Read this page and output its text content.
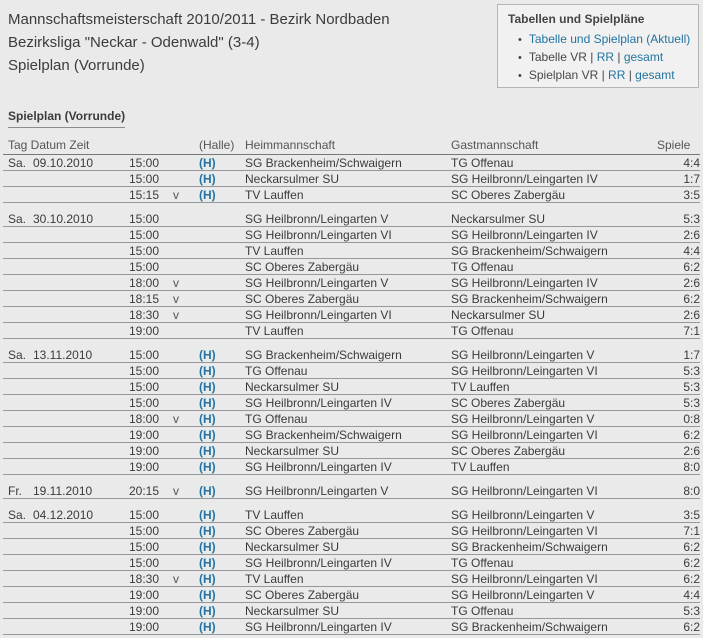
Mannschaftsmeisterschaft 2010/2011 - Bezirk Nordbaden
Bezirksliga "Neckar - Odenwald" (3-4)
Spielplan (Vorrunde)
Tabellen und Spielpläne
• Tabelle und Spielplan (Aktuell)
• Tabelle VR | RR | gesamt
• Spielplan VR | RR | gesamt
Spielplan (Vorrunde)
Tag Datum Zeit				(Halle)	Heimmannschaft	Gastmannschaft	Spiele
Sa.	09.10.2010	15:00		(H)	SG Brackenheim/Schwaigern	TG Offenau	4:4
		15:00		(H)	Neckarsulmer SU	SG Heilbronn/Leingarten IV	1:7
		15:15	v	(H)	TV Lauffen	SC Oberes Zabergäu	3:5

Sa.	30.10.2010	15:00			SG Heilbronn/Leingarten V	Neckarsulmer SU	5:3
		15:00			SG Heilbronn/Leingarten VI	SG Heilbronn/Leingarten IV	2:6
		15:00			TV Lauffen	SG Brackenheim/Schwaigern	4:4
		15:00			SC Oberes Zabergäu	TG Offenau	6:2
		18:00	v		SG Heilbronn/Leingarten V	SG Heilbronn/Leingarten IV	2:6
		18:15	v		SC Oberes Zabergäu	SG Brackenheim/Schwaigern	6:2
		18:30	v		SG Heilbronn/Leingarten VI	Neckarsulmer SU	2:6
		19:00			TV Lauffen	TG Offenau	7:1

Sa.	13.11.2010	15:00		(H)	SG Brackenheim/Schwaigern	SG Heilbronn/Leingarten V	1:7
		15:00		(H)	TG Offenau	SG Heilbronn/Leingarten VI	5:3
		15:00		(H)	Neckarsulmer SU	TV Lauffen	5:3
		15:00		(H)	SG Heilbronn/Leingarten IV	SC Oberes Zabergäu	5:3
		18:00	v	(H)	TG Offenau	SG Heilbronn/Leingarten V	0:8
		19:00		(H)	SG Brackenheim/Schwaigern	SG Heilbronn/Leingarten VI	6:2
		19:00		(H)	Neckarsulmer SU	SC Oberes Zabergäu	2:6
		19:00		(H)	SG Heilbronn/Leingarten IV	TV Lauffen	8:0

Fr.	19.11.2010	20:15	v	(H)	SG Heilbronn/Leingarten V	SG Heilbronn/Leingarten VI	8:0

Sa.	04.12.2010	15:00		(H)	TV Lauffen	SG Heilbronn/Leingarten V	3:5
		15:00		(H)	SC Oberes Zabergäu	SG Heilbronn/Leingarten VI	7:1
		15:00		(H)	Neckarsulmer SU	SG Brackenheim/Schwaigern	6:2
		15:00		(H)	SG Heilbronn/Leingarten IV	TG Offenau	6:2
		18:30	v	(H)	TV Lauffen	SG Heilbronn/Leingarten VI	6:2
		19:00		(H)	SC Oberes Zabergäu	SG Heilbronn/Leingarten V	4:4
		19:00		(H)	Neckarsulmer SU	TG Offenau	5:3
		19:00		(H)	SG Heilbronn/Leingarten IV	SG Brackenheim/Schwaigern	6:2
